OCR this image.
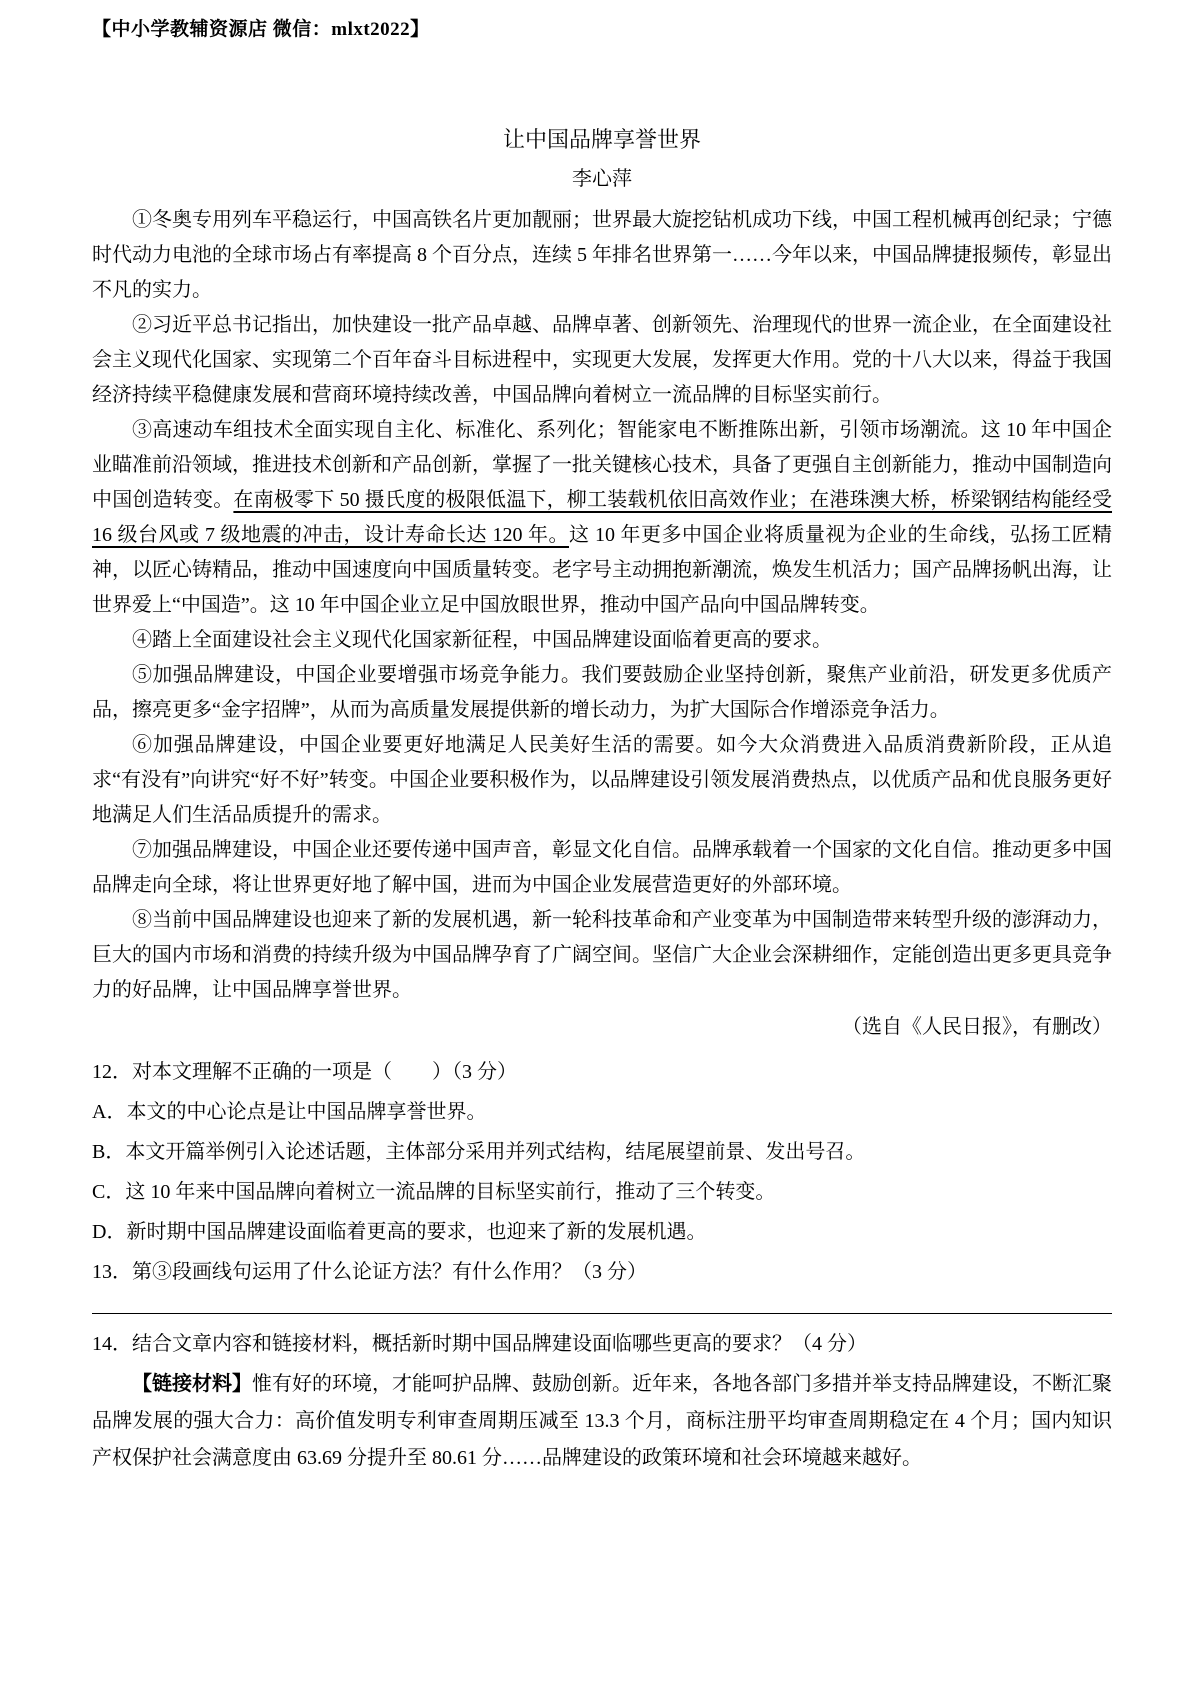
【中小学教辅资源店 微信：mlxt2022】
让中国品牌享誉世界
李心萍

①冬奥专用列车平稳运行，中国高铁名片更加靓丽；世界最大旋挖钻机成功下线，中国工程机械再创纪录；宁德时代动力电池的全球市场占有率提高 8 个百分点，连续 5 年排名世界第一……今年以来，中国品牌捷报频传，彰显出不凡的实力。

②习近平总书记指出，加快建设一批产品卓越、品牌卓著、创新领先、治理现代的世界一流企业，在全面建设社会主义现代化国家、实现第二个百年奋斗目标进程中，实现更大发展，发挥更大作用。党的十八大以来，得益于我国经济持续平稳健康发展和营商环境持续改善，中国品牌向着树立一流品牌的目标坚实前行。

③高速动车组技术全面实现自主化、标准化、系列化；智能家电不断推陈出新，引领市场潮流。这 10 年中国企业瞄准前沿领域，推进技术创新和产品创新，掌握了一批关键核心技术，具备了更强自主创新能力，推动中国制造向中国创造转变。在南极零下 50 摄氏度的极限低温下，柳工装载机依旧高效作业；在港珠澳大桥，桥梁钢结构能经受 16 级台风或 7 级地震的冲击，设计寿命长达 120 年。这 10 年更多中国企业将质量视为企业的生命线，弘扬工匠精神，以匠心铸精品，推动中国速度向中国质量转变。老字号主动拥抱新潮流，焕发生机活力；国产品牌扬帆出海，让世界爱上“中国造”。这 10 年中国企业立足中国放眼世界，推动中国产品向中国品牌转变。

④踏上全面建设社会主义现代化国家新征程，中国品牌建设面临着更高的要求。

⑤加强品牌建设，中国企业要增强市场竞争能力。我们要鼓励企业坚持创新，聚焦产业前沿，研发更多优质产品，擦亮更多“金字招牌”，从而为高质量发展提供新的增长动力，为扩大国际合作增添竞争活力。

⑥加强品牌建设，中国企业要更好地满足人民美好生活的需要。如今大众消费进入品质消费新阶段，正从追求“有没有”向讲究“好不好”转变。中国企业要积极作为，以品牌建设引领发展消费热点，以优质产品和优良服务更好地满足人们生活品质提升的需求。

⑦加强品牌建设，中国企业还要传递中国声音，彰显文化自信。品牌承载着一个国家的文化自信。推动更多中国品牌走向全球，将让世界更好地了解中国，进而为中国企业发展营造更好的外部环境。

⑧当前中国品牌建设也迎来了新的发展机遇，新一轮科技革命和产业变革为中国制造带来转型升级的澎湃动力，巨大的国内市场和消费的持续升级为中国品牌孕育了广阔空间。坚信广大企业会深耕细作，定能创造出更多更具竞争力的好品牌，让中国品牌享誉世界。

（选自《人民日报》，有删改）
12．对本文理解不正确的一项是（　　）（3 分）
A．本文的中心论点是让中国品牌享誉世界。
B．本文开篇举例引入论述话题，主体部分采用并列式结构，结尾展望前景、发出号召。
C．这 10 年来中国品牌向着树立一流品牌的目标坚实前行，推动了三个转变。
D．新时期中国品牌建设面临着更高的要求，也迎来了新的发展机遇。
13．第③段画线句运用了什么论证方法？有什么作用？（3 分）
14．结合文章内容和链接材料，概括新时期中国品牌建设面临哪些更高的要求？（4 分）

【链接材料】惟有好的环境，才能呵护品牌、鼓励创新。近年来，各地各部门多措并举支持品牌建设，不断汇聚品牌发展的强大合力：高价值发明专利审查周期压减至 13.3 个月，商标注册平均审查周期稳定在 4 个月；国内知识产权保护社会满意度由 63.69 分提升至 80.61 分……品牌建设的政策环境和社会环境越来越好。
